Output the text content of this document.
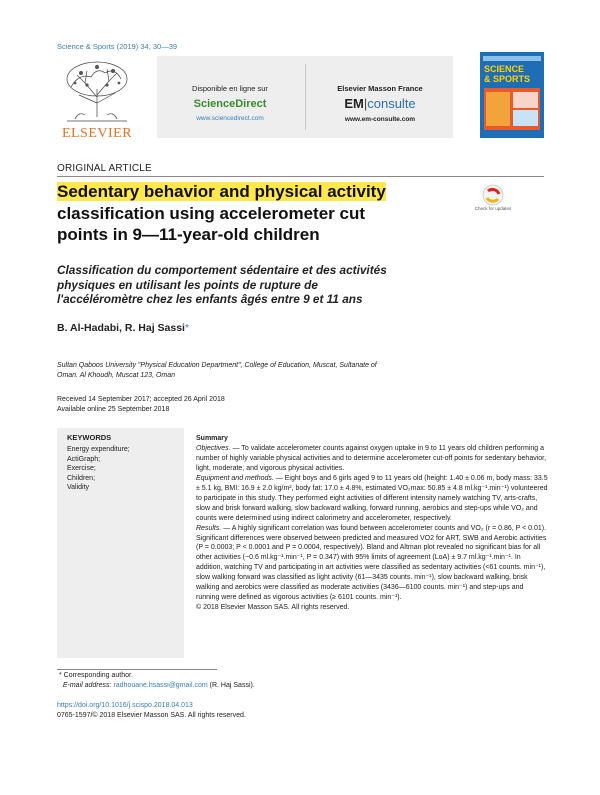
Science & Sports (2019) 34, 30—39
ELSEVIER
Disponible en ligne sur
ScienceDirect
www.sciencedirect.com
Elsevier Masson France
EM|consulte
www.em-consulte.com
SCIENCE
& SPORTS
Check for updates
ORIGINAL ARTICLE
Sedentary behavior and physical activity
classification using accelerometer cut
points in 9—11-year-old children
Classification du comportement sédentaire et des activités
physiques en utilisant les points de rupture de
l'accéléromètre chez les enfants âgés entre 9 et 11 ans
B. Al-Hadabi, R. Haj Sassi*
Sultan Qaboos University "Physical Education Department", College of Education, Muscat, Sultanate of
Oman. Al Khoudh, Muscat 123, Oman
Received 14 September 2017; accepted 26 April 2018
Available online 25 September 2018
KEYWORDS
Energy expenditure;
ActiGraph;
Exercise;
Children;
Validity

Summary

Objectives. — To validate accelerometer counts against oxygen uptake in 9 to 11 years old children performing a number of highly variable physical activities and to determine accelerometer cut-off points for sedentary behavior, light, moderate, and vigorous physical activities.

Equipment and methods. — Eight boys and 6 girls aged 9 to 11 years old (height: 1.40 ± 0.06 m, body mass: 33.5 ± 5.1 kg, BMI: 16.9 ± 2.0 kg/m², body fat: 17.0 ± 4.8%, estimated VO₂max: 50.85 ± 4.8 ml.kg⁻¹.min⁻¹) volunteered to participate in this study. They performed eight activities of different intensity namely watching TV, arts-crafts, slow and brisk forward walking, slow backward walking, forward running, aerobics and step-ups while VO₂ and counts were determined using indirect calorimetry and accelerometer, respectively.

Results. — A highly significant correlation was found between accelerometer counts and VO₂ (r = 0.86, P < 0.01). Significant differences were observed between predicted and measured VO2 for ART, SWB and Aerobic activities (P = 0.0003; P < 0.0001 and P = 0.0004, respectively). Bland and Altman plot revealed no significant bias for all other activities (−0.6 ml.kg⁻¹.min⁻¹, P = 0.347) with 95% limits of agreement (LoA) ± 9.7 ml.kg⁻¹.min⁻¹. In addition, watching TV and participating in art activities were classified as sedentary activities (<61 counts. min⁻¹), slow walking forward was classified as light activity (61—3435 counts. min⁻¹), slow backward walking, brisk walking and aerobics were classified as moderate activities (3436—6100 counts. min⁻¹) and step-ups and running were defined as vigorous activities (≥ 6101 counts. min⁻¹).

© 2018 Elsevier Masson SAS. All rights reserved.

* Corresponding author.
E-mail address: radhouane.hsassi@gmail.com (R. Haj Sassi).
https://doi.org/10.1016/j.scispo.2018.04.013
0765-1597/© 2018 Elsevier Masson SAS. All rights reserved.
